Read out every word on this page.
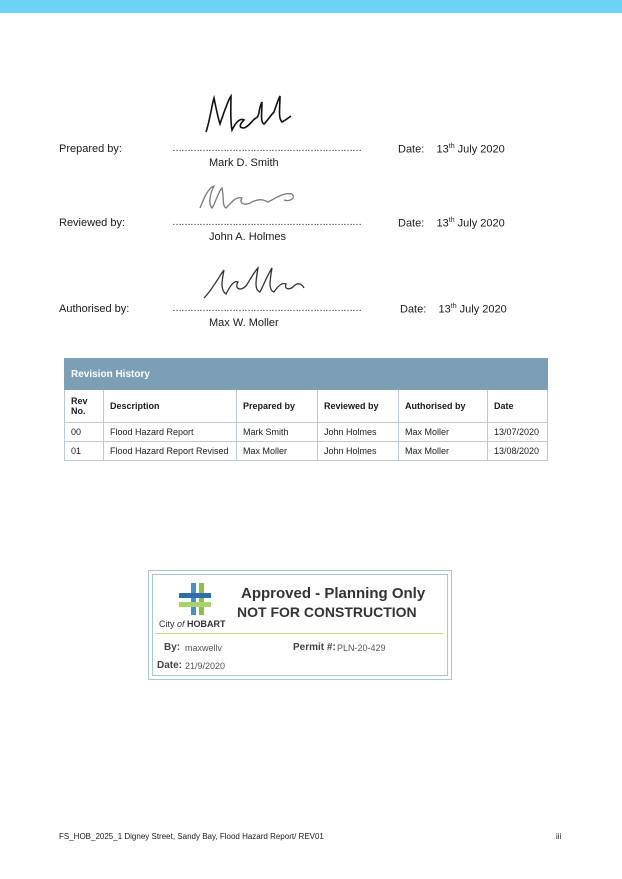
Prepared by:	………………………………………………………
Mark D. Smith
Date: 13th July 2020
Reviewed by:	………………………………………………………
John A. Holmes
Date: 13th July 2020
Authorised by:	………………………………………………………
Max W. Moller
Date: 13th July 2020
Revision History					
Rev
No.	Description	Prepared by	Reviewed by	Authorised by	Date
00	Flood Hazard Report	Mark Smith	John Holmes	Max Moller	13/07/2020
01	Flood Hazard Report Revised	Max Moller	John Holmes	Max Moller	13/08/2020
City of HOBART
Approved - Planning Only
NOT FOR CONSTRUCTION
By: maxwellv	Permit #: PLN-20-429
Date: 21/9/2020
FS_HOB_2025_1 Digney Street, Sandy Bay, Flood Hazard Report/ REV01	iii
